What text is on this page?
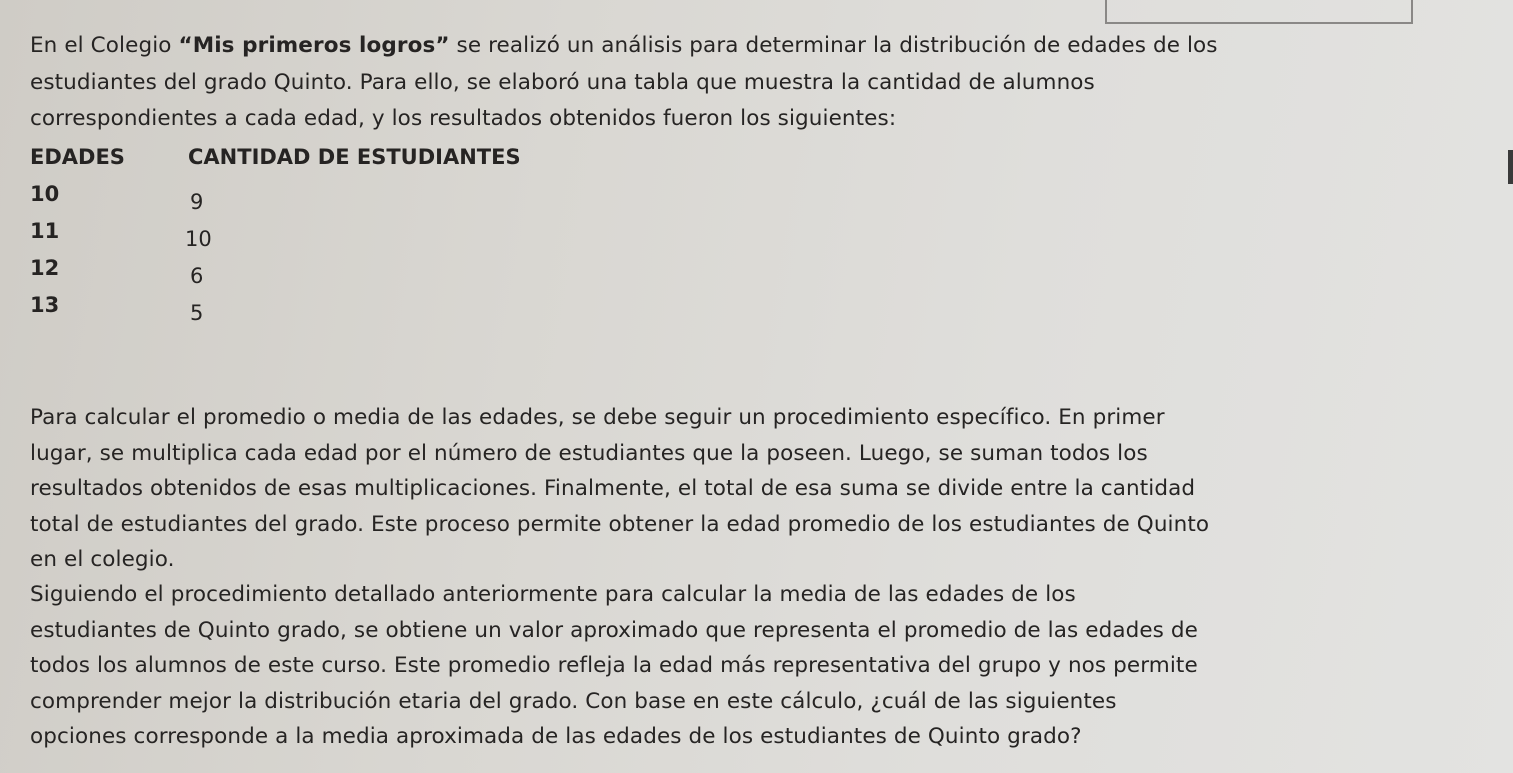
En el Colegio “Mis primeros logros” se realizó un análisis para determinar la distribución de edades de los
estudiantes del grado Quinto. Para ello, se elaboró una tabla que muestra la cantidad de alumnos
correspondientes a cada edad, y los resultados obtenidos fueron los siguientes:
EDADES	CANTIDAD DE ESTUDIANTES
10	9
11	10
12	6
13	5
Para calcular el promedio o media de las edades, se debe seguir un procedimiento específico. En primer
lugar, se multiplica cada edad por el número de estudiantes que la poseen. Luego, se suman todos los
resultados obtenidos de esas multiplicaciones. Finalmente, el total de esa suma se divide entre la cantidad
total de estudiantes del grado. Este proceso permite obtener la edad promedio de los estudiantes de Quinto
en el colegio.
Siguiendo el procedimiento detallado anteriormente para calcular la media de las edades de los
estudiantes de Quinto grado, se obtiene un valor aproximado que representa el promedio de las edades de
todos los alumnos de este curso. Este promedio refleja la edad más representativa del grupo y nos permite
comprender mejor la distribución etaria del grado. Con base en este cálculo, ¿cuál de las siguientes
opciones corresponde a la media aproximada de las edades de los estudiantes de Quinto grado?
